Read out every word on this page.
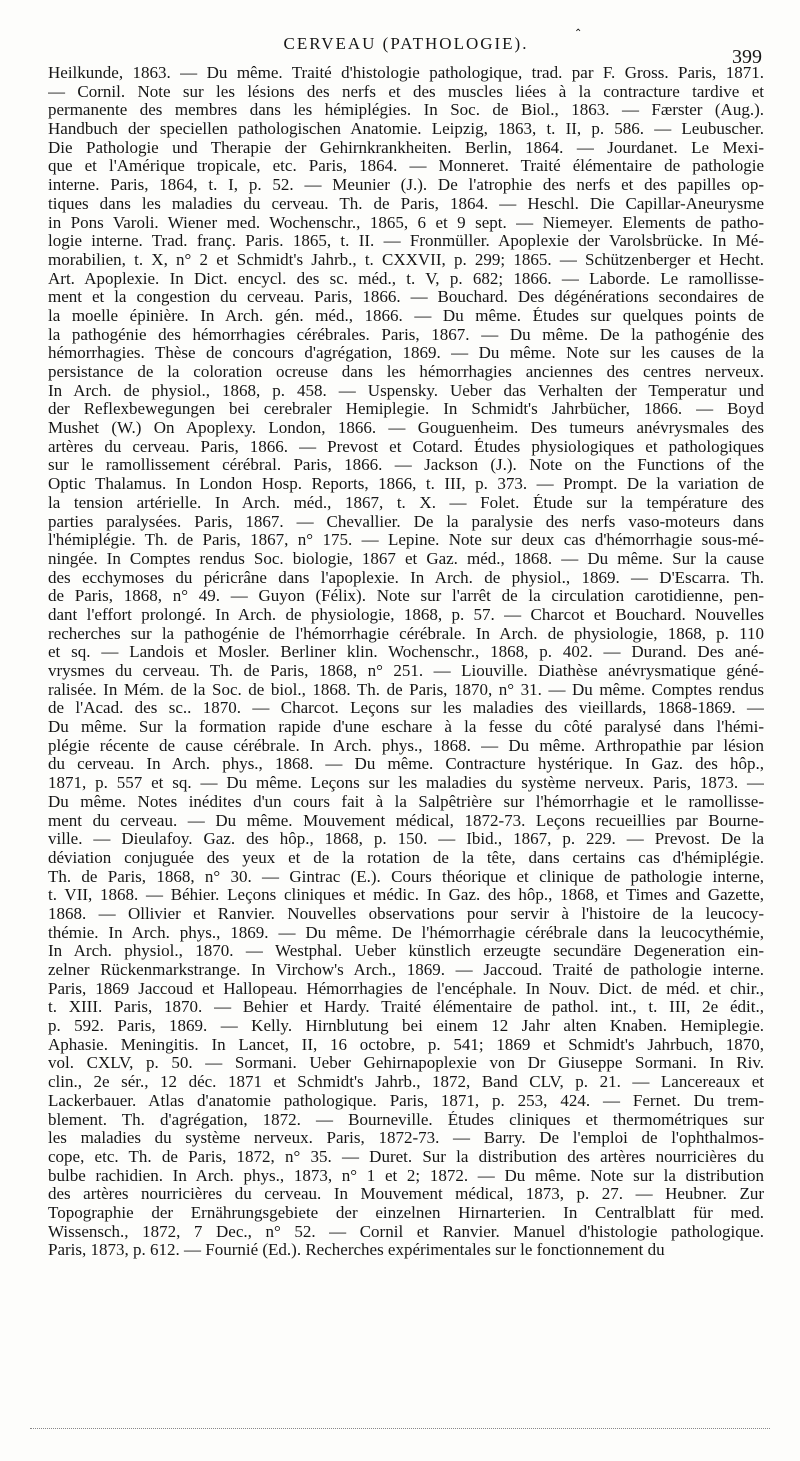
⌃
CERVEAU (PATHOLOGIE).
399
Heilkunde, 1863. — Du même. Traité d'histologie pathologique, trad. par F. Gross. Paris, 1871.
— Cornil. Note sur les lésions des nerfs et des muscles liées à la contracture tardive et
permanente des membres dans les hémiplégies. In Soc. de Biol., 1863. — Færster (Aug.).
Handbuch der speciellen pathologischen Anatomie. Leipzig, 1863, t. II, p. 586. — Leubuscher.
Die Pathologie und Therapie der Gehirnkrankheiten. Berlin, 1864. — Jourdanet. Le Mexi-
que et l'Amérique tropicale, etc. Paris, 1864. — Monneret. Traité élémentaire de pathologie
interne. Paris, 1864, t. I, p. 52. — Meunier (J.). De l'atrophie des nerfs et des papilles op-
tiques dans les maladies du cerveau. Th. de Paris, 1864. — Heschl. Die Capillar-Aneurysme
in Pons Varoli. Wiener med. Wochenschr., 1865, 6 et 9 sept. — Niemeyer. Elements de patho-
logie interne. Trad. franç. Paris. 1865, t. II. — Fronmüller. Apoplexie der Varolsbrücke. In Mé-
morabilien, t. X, n° 2 et Schmidt's Jahrb., t. CXXVII, p. 299; 1865. — Schützenberger et Hecht.
Art. Apoplexie. In Dict. encycl. des sc. méd., t. V, p. 682; 1866. — Laborde. Le ramollisse-
ment et la congestion du cerveau. Paris, 1866. — Bouchard. Des dégénérations secondaires de
la moelle épinière. In Arch. gén. méd., 1866. — Du même. Études sur quelques points de
la pathogénie des hémorrhagies cérébrales. Paris, 1867. — Du même. De la pathogénie des
hémorrhagies. Thèse de concours d'agrégation, 1869. — Du même. Note sur les causes de la
persistance de la coloration ocreuse dans les hémorrhagies anciennes des centres nerveux.
In Arch. de physiol., 1868, p. 458. — Uspensky. Ueber das Verhalten der Temperatur und
der Reflexbewegungen bei cerebraler Hemiplegie. In Schmidt's Jahrbücher, 1866. — Boyd
Mushet (W.) On Apoplexy. London, 1866. — Gouguenheim. Des tumeurs anévrysmales des
artères du cerveau. Paris, 1866. — Prevost et Cotard. Études physiologiques et pathologiques
sur le ramollissement cérébral. Paris, 1866. — Jackson (J.). Note on the Functions of the
Optic Thalamus. In London Hosp. Reports, 1866, t. III, p. 373. — Prompt. De la variation de
la tension artérielle. In Arch. méd., 1867, t. X. — Folet. Étude sur la température des
parties paralysées. Paris, 1867. — Chevallier. De la paralysie des nerfs vaso-moteurs dans
l'hémiplégie. Th. de Paris, 1867, n° 175. — Lepine. Note sur deux cas d'hémorrhagie sous-mé-
ningée. In Comptes rendus Soc. biologie, 1867 et Gaz. méd., 1868. — Du même. Sur la cause
des ecchymoses du péricrâne dans l'apoplexie. In Arch. de physiol., 1869. — D'Escarra. Th.
de Paris, 1868, n° 49. — Guyon (Félix). Note sur l'arrêt de la circulation carotidienne, pen-
dant l'effort prolongé. In Arch. de physiologie, 1868, p. 57. — Charcot et Bouchard. Nouvelles
recherches sur la pathogénie de l'hémorrhagie cérébrale. In Arch. de physiologie, 1868, p. 110
et sq. — Landois et Mosler. Berliner klin. Wochenschr., 1868, p. 402. — Durand. Des ané-
vrysmes du cerveau. Th. de Paris, 1868, n° 251. — Liouville. Diathèse anévrysmatique géné-
ralisée. In Mém. de la Soc. de biol., 1868. Th. de Paris, 1870, n° 31. — Du même. Comptes rendus
de l'Acad. des sc.. 1870. — Charcot. Leçons sur les maladies des vieillards, 1868-1869. —
Du même. Sur la formation rapide d'une eschare à la fesse du côté paralysé dans l'hémi-
plégie récente de cause cérébrale. In Arch. phys., 1868. — Du même. Arthropathie par lésion
du cerveau. In Arch. phys., 1868. — Du même. Contracture hystérique. In Gaz. des hôp.,
1871, p. 557 et sq. — Du même. Leçons sur les maladies du système nerveux. Paris, 1873. —
Du même. Notes inédites d'un cours fait à la Salpêtrière sur l'hémorrhagie et le ramollisse-
ment du cerveau. — Du même. Mouvement médical, 1872-73. Leçons recueillies par Bourne-
ville. — Dieulafoy. Gaz. des hôp., 1868, p. 150. — Ibid., 1867, p. 229. — Prevost. De la
déviation conjuguée des yeux et de la rotation de la tête, dans certains cas d'hémiplégie.
Th. de Paris, 1868, n° 30. — Gintrac (E.). Cours théorique et clinique de pathologie interne,
t. VII, 1868. — Béhier. Leçons cliniques et médic. In Gaz. des hôp., 1868, et Times and Gazette,
1868. — Ollivier et Ranvier. Nouvelles observations pour servir à l'histoire de la leucocy-
thémie. In Arch. phys., 1869. — Du même. De l'hémorrhagie cérébrale dans la leucocythémie,
In Arch. physiol., 1870. — Westphal. Ueber künstlich erzeugte secundäre Degeneration ein-
zelner Rückenmarkstrange. In Virchow's Arch., 1869. — Jaccoud. Traité de pathologie interne.
Paris, 1869 Jaccoud et Hallopeau. Hémorrhagies de l'encéphale. In Nouv. Dict. de méd. et chir.,
t. XIII. Paris, 1870. — Behier et Hardy. Traité élémentaire de pathol. int., t. III, 2e édit.,
p. 592. Paris, 1869. — Kelly. Hirnblutung bei einem 12 Jahr alten Knaben. Hemiplegie.
Aphasie. Meningitis. In Lancet, II, 16 octobre, p. 541; 1869 et Schmidt's Jahrbuch, 1870,
vol. CXLV, p. 50. — Sormani. Ueber Gehirnapoplexie von Dr Giuseppe Sormani. In Riv.
clin., 2e sér., 12 déc. 1871 et Schmidt's Jahrb., 1872, Band CLV, p. 21. — Lancereaux et
Lackerbauer. Atlas d'anatomie pathologique. Paris, 1871, p. 253, 424. — Fernet. Du trem-
blement. Th. d'agrégation, 1872. — Bourneville. Études cliniques et thermométriques sur
les maladies du système nerveux. Paris, 1872-73. — Barry. De l'emploi de l'ophthalmos-
cope, etc. Th. de Paris, 1872, n° 35. — Duret. Sur la distribution des artères nourricières du
bulbe rachidien. In Arch. phys., 1873, n° 1 et 2; 1872. — Du même. Note sur la distribution
des artères nourricières du cerveau. In Mouvement médical, 1873, p. 27. — Heubner. Zur
Topographie der Ernährungsgebiete der einzelnen Hirnarterien. In Centralblatt für med.
Wissensch., 1872, 7 Dec., n° 52. — Cornil et Ranvier. Manuel d'histologie pathologique.
Paris, 1873, p. 612. — Fournié (Ed.). Recherches expérimentales sur le fonctionnement du
